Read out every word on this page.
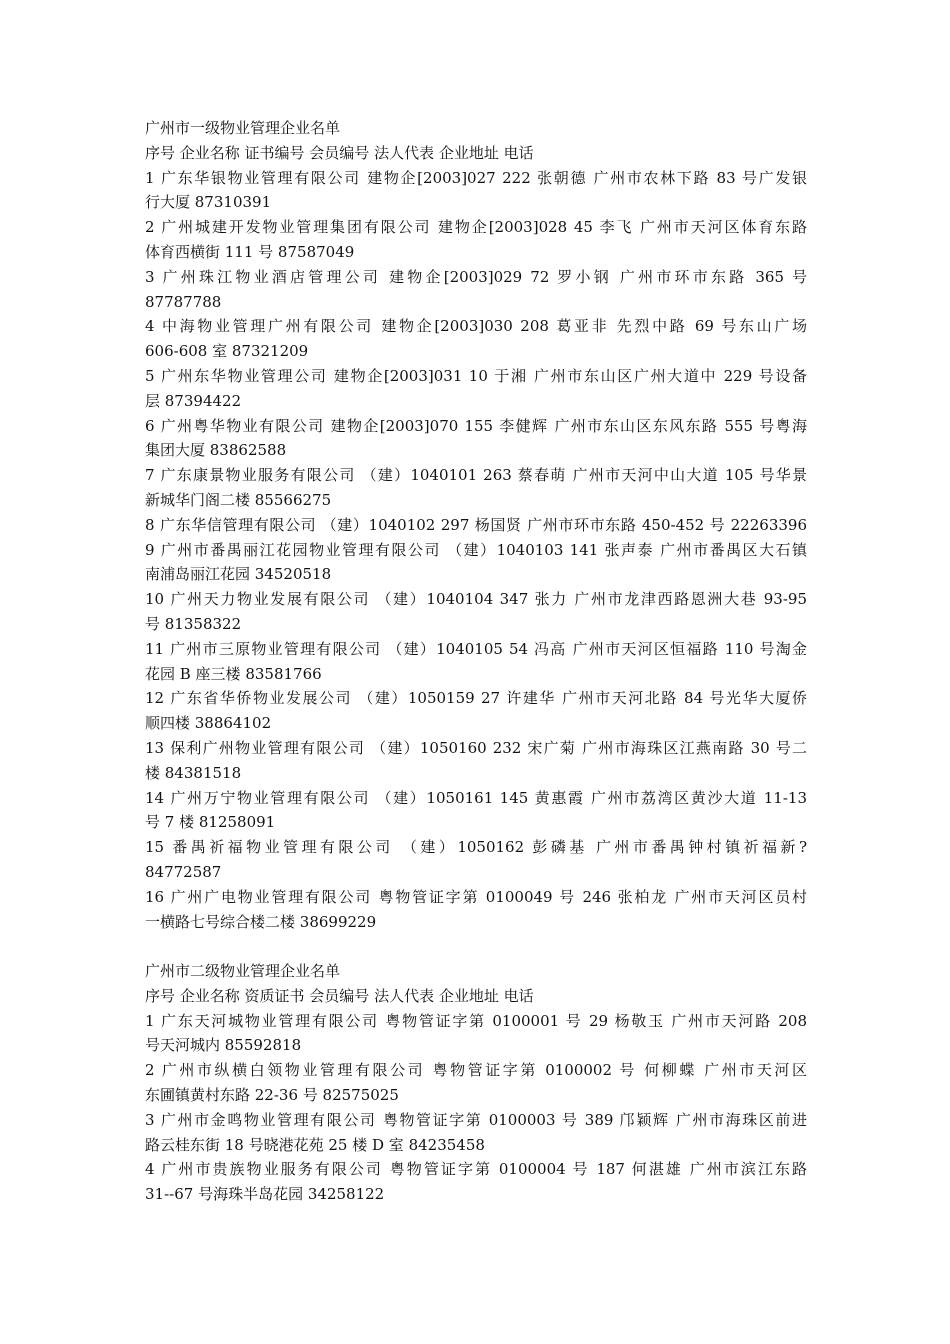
广州市一级物业管理企业名单
序号 企业名称 证书编号 会员编号 法人代表 企业地址 电话
1 广东华银物业管理有限公司 建物企[2003]027 222 张朝德 广州市农林下路 83 号广发银
行大厦 87310391
2 广州城建开发物业管理集团有限公司 建物企[2003]028 45 李飞 广州市天河区体育东路
体育西横街 111 号 87587049
3 广州珠江物业酒店管理公司 建物企[2003]029 72 罗小钢 广州市环市东路 365 号
87787788
4 中海物业管理广州有限公司 建物企[2003]030 208 葛亚非 先烈中路 69 号东山广场
606-608 室 87321209
5 广州东华物业管理公司 建物企[2003]031 10 于湘 广州市东山区广州大道中 229 号设备
层 87394422
6 广州粤华物业有限公司 建物企[2003]070 155 李健辉 广州市东山区东风东路 555 号粤海
集团大厦 83862588
7 广东康景物业服务有限公司 （建）1040101 263 蔡春萌 广州市天河中山大道 105 号华景
新城华门阁二楼 85566275
8 广东华信管理有限公司 （建）1040102 297 杨国贤 广州市环市东路 450-452 号 22263396
9 广州市番禺丽江花园物业管理有限公司 （建）1040103 141 张声泰 广州市番禺区大石镇
南浦岛丽江花园 34520518
10 广州天力物业发展有限公司 （建）1040104 347 张力 广州市龙津西路恩洲大巷 93-95
号 81358322
11 广州市三原物业管理有限公司 （建）1040105 54 冯高 广州市天河区恒福路 110 号淘金
花园 B 座三楼 83581766
12 广东省华侨物业发展公司 （建）1050159 27 许建华 广州市天河北路 84 号光华大厦侨
顺四楼 38864102
13 保利广州物业管理有限公司 （建）1050160 232 宋广菊 广州市海珠区江燕南路 30 号二
楼 84381518
14 广州万宁物业管理有限公司 （建）1050161 145 黄惠霞 广州市荔湾区黄沙大道 11-13
号 7 楼 81258091
15 番禺祈福物业管理有限公司 （建）1050162 彭磷基 广州市番禺钟村镇祈福新?
84772587
16 广州广电物业管理有限公司 粤物管证字第 0100049 号 246 张柏龙 广州市天河区员村
一横路七号综合楼二楼 38699229
广州市二级物业管理企业名单
序号 企业名称 资质证书 会员编号 法人代表 企业地址 电话
1 广东天河城物业管理有限公司 粤物管证字第 0100001 号 29 杨敬玉 广州市天河路 208
号天河城内 85592818
2 广州市纵横白领物业管理有限公司 粤物管证字第 0100002 号 何柳蝶 广州市天河区
东圃镇黄村东路 22-36 号 82575025
3 广州市金鸣物业管理有限公司 粤物管证字第 0100003 号 389 邝颖辉 广州市海珠区前进
路云桂东街 18 号晓港花苑 25 楼 D 室 84235458
4 广州市贵族物业服务有限公司 粤物管证字第 0100004 号 187 何湛雄 广州市滨江东路
31--67 号海珠半岛花园 34258122
